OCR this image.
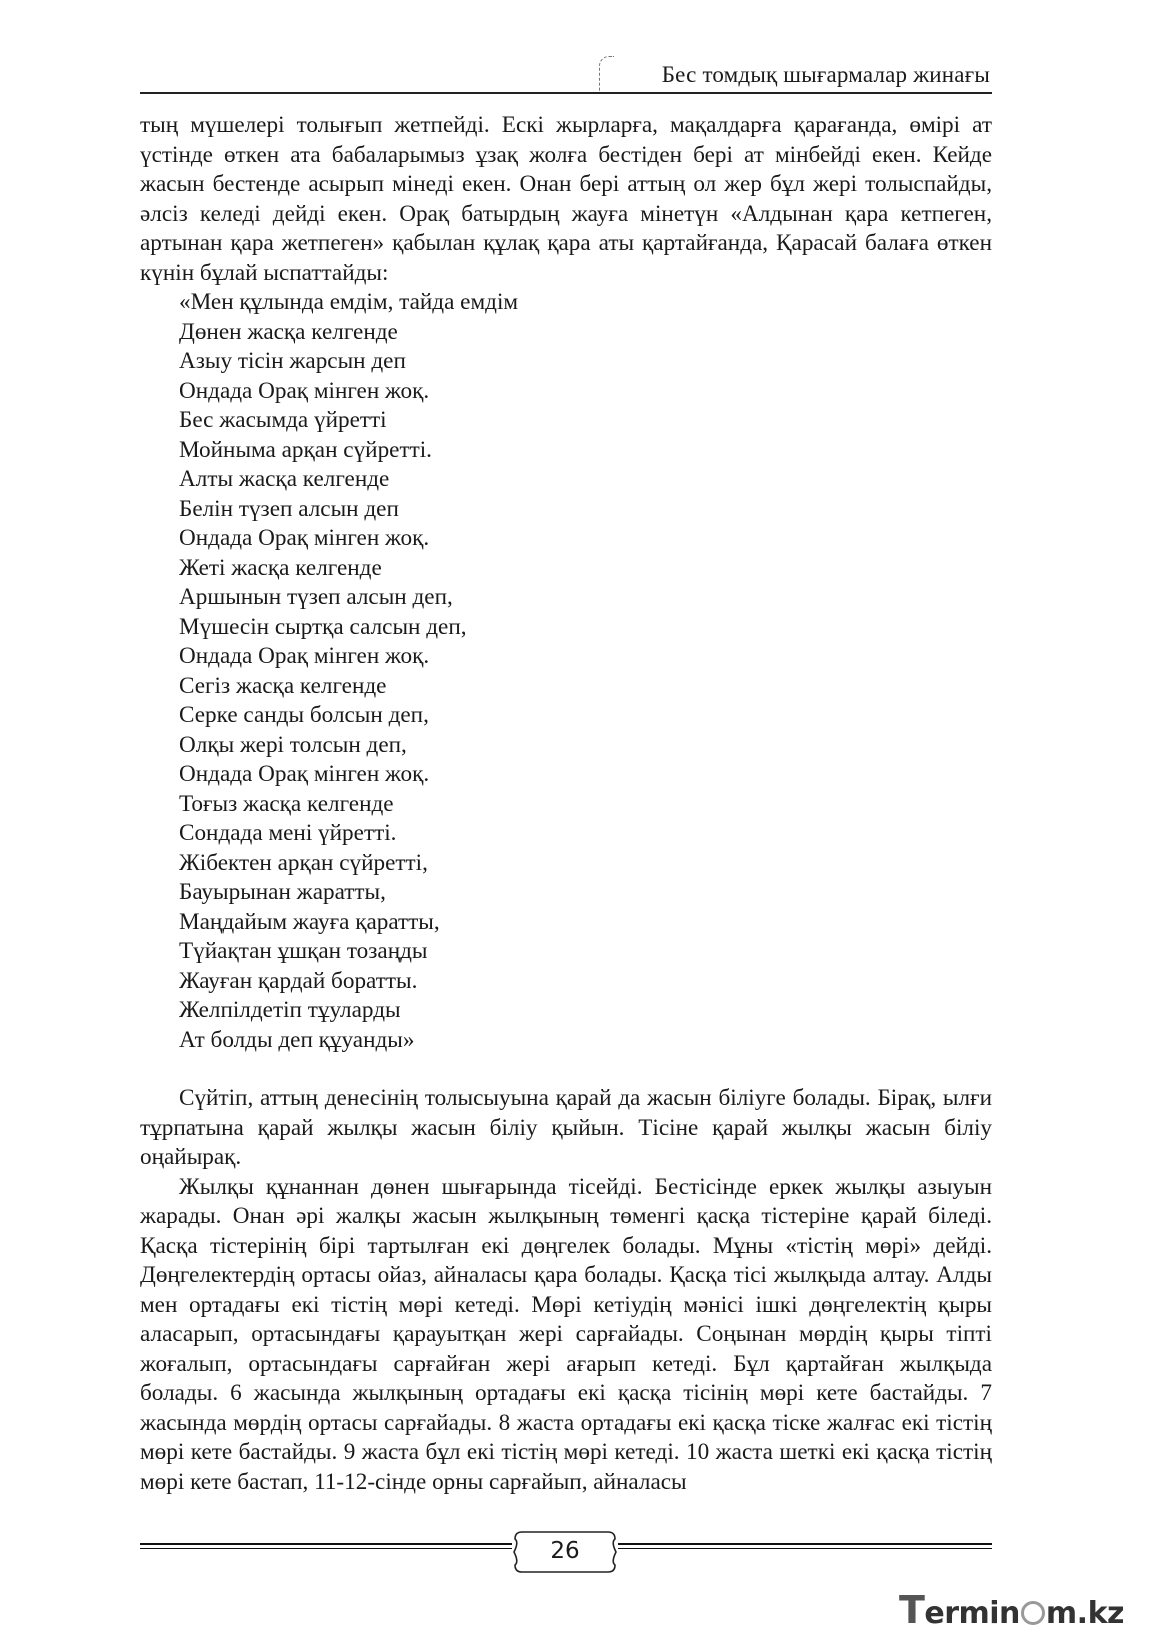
Бес томдық шығармалар жинағы

тың мүшелері толығып жетпейді. Ескі жырларға, мақалдарға қарағанда, өмірі ат үстінде өткен ата бабаларымыз ұзақ жолға бестіден бері ат мінбейді екен. Кейде жасын бестенде асырып мінеді екен. Онан бері аттың ол жер бұл жері толыспайды, әлсіз келеді дейді екен. Орақ батырдың жауға мінетүн «Алдынан қара кетпеген, артынан қара жетпеген» қабылан құлақ қара аты қартайғанда, Қарасай балаға өткен күнін бұлай ыспаттайды:

«Мен құлында емдім, тайда емдім
Дөнен жасқа келгенде
Азыу тісін жарсын деп
Ондада Орақ мінген жоқ.
Бес жасымда үйретті
Мойныма арқан сүйретті.
Алты жасқа келгенде
Белін түзеп алсын деп
Ондада Орақ мінген жоқ.
Жеті жасқа келгенде
Аршынын түзеп алсын деп,
Мүшесін сыртқа салсын деп,
Ондада Орақ мінген жоқ.
Сегіз жасқа келгенде
Серке санды болсын деп,
Олқы жері толсын деп,
Ондада Орақ мінген жоқ.
Тоғыз жасқа келгенде
Сондада мені үйретті.
Жібектен арқан сүйретті,
Бауырынан жаратты,
Маңдайым жауға қаратты,
Түйақтан ұшқан тозаңды
Жауған қардай боратты.
Желпілдетіп тұуларды
Ат болды деп құуанды»

Сүйтіп, аттың денесінің толысыуына қарай да жасын біліуге болады. Бірақ, ылғи тұрпатына қарай жылқы жасын біліу қыйын. Тісіне қарай жылқы жасын біліу оңайырақ.

Жылқы құнаннан дөнен шығарында тісейді. Бестісінде еркек жылқы азыуын жарады. Онан әрі жалқы жасын жылқының төменгі қасқа тістеріне қарай біледі. Қасқа тістерінің бірі тартылған екі дөңгелек болады. Мұны «тістің мөрі» дейді. Дөңгелектердің ортасы ойаз, айналасы қара болады. Қасқа тісі жылқыда алтау. Алды мен ортадағы екі тістің мөрі кетеді. Мөрі кетіудің мәнісі ішкі дөңгелектің қыры аласарып, ортасындағы қарауытқан жері сарғайады. Соңынан мөрдің қыры тіпті жоғалып, ортасындағы сарғайған жері ағарып кетеді. Бұл қартайған жылқыда болады. 6 жасында жылқының ортадағы екі қасқа тісінің мөрі кете бастайды. 7 жасында мөрдің ортасы сарғайады. 8 жаста ортадағы екі қасқа тіске жалғас екі тістің мөрі кете бастайды. 9 жаста бұл екі тістің мөрі кетеді. 10 жаста шеткі екі қасқа тістің мөрі кете бастап, 11-12-сінде орны сарғайып, айналасы

26
Termin m.kz
